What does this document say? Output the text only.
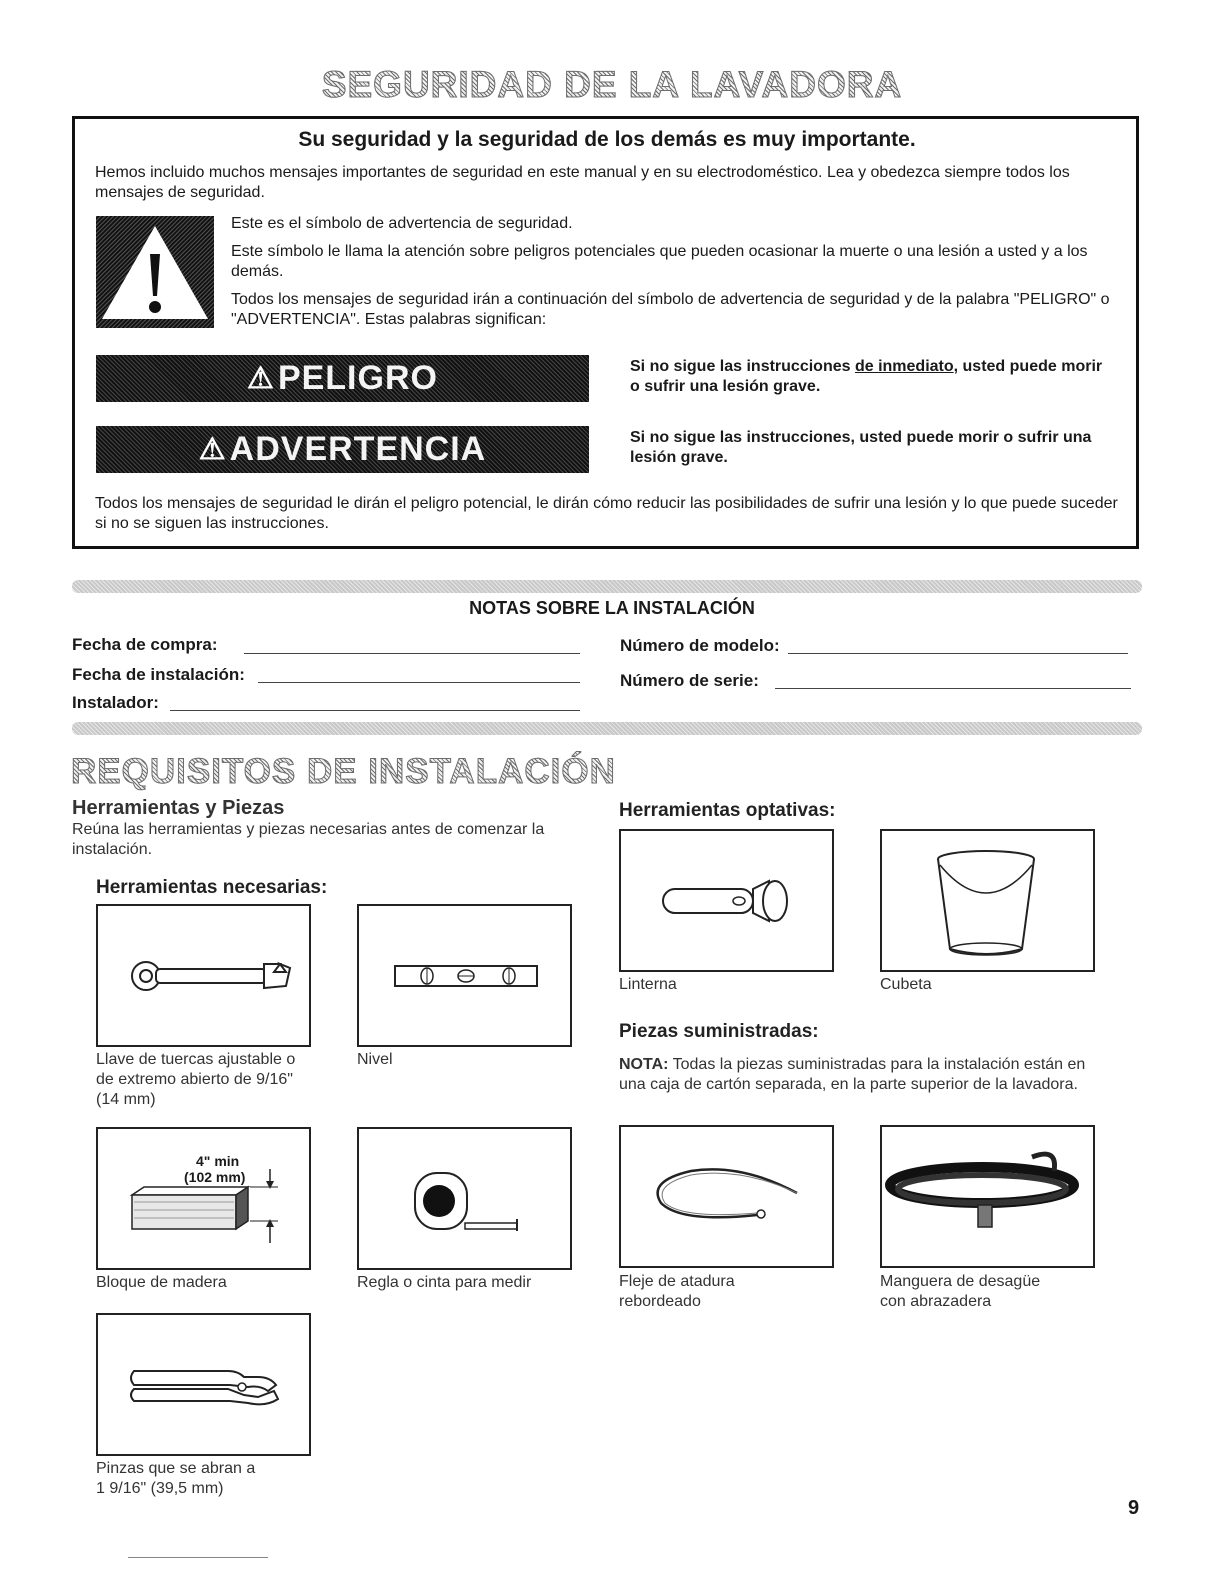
SEGURIDAD DE LA LAVADORA
Su seguridad y la seguridad de los demás es muy importante.
Hemos incluido muchos mensajes importantes de seguridad en este manual y en su electrodoméstico. Lea y obedezca siempre todos los mensajes de seguridad.
Este es el símbolo de advertencia de seguridad.
Este símbolo le llama la atención sobre peligros potenciales que pueden ocasionar la muerte o una lesión a usted y a los demás.
Todos los mensajes de seguridad irán a continuación del símbolo de advertencia de seguridad y de la palabra "PELIGRO" o "ADVERTENCIA". Estas palabras significan:
⚠ PELIGRO	Si no sigue las instrucciones de inmediato, usted puede morir o sufrir una lesión grave.
⚠ ADVERTENCIA	Si no sigue las instrucciones, usted puede morir o sufrir una lesión grave.
Todos los mensajes de seguridad le dirán el peligro potencial, le dirán cómo reducir las posibilidades de sufrir una lesión y lo que puede suceder si no se siguen las instrucciones.
NOTAS SOBRE LA INSTALACIÓN
Fecha de compra:
Fecha de instalación:
Instalador:
Número de modelo:
Número de serie:
REQUISITOS DE INSTALACIÓN
Herramientas y Piezas
Reúna las herramientas y piezas necesarias antes de comenzar la instalación.
Herramientas necesarias:
Llave de tuercas ajustable o de extremo abierto de 9/16" (14 mm)
Nivel
4" min
(102 mm)
Bloque de madera	Regla o cinta para medir
Pinzas que se abran a
1 9/16" (39,5 mm)
Herramientas optativas:
Linterna	Cubeta
Piezas suministradas:
NOTA: Todas la piezas suministradas para la instalación están en una caja de cartón separada, en la parte superior de la lavadora.
Fleje de atadura
rebordeado
Manguera de desagüe
con abrazadera
9
